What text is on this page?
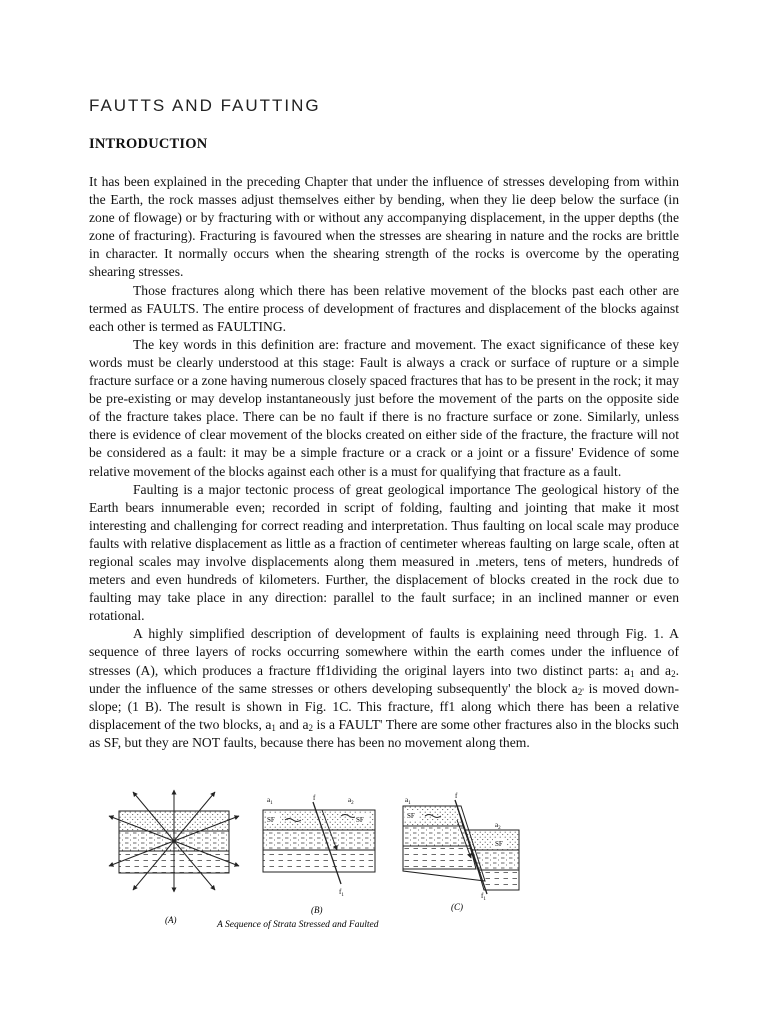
FAUTTS AND FAUTTING
INTRODUCTION

It has been explained in the preceding Chapter that under the influence of stresses developing from within the Earth, the rock masses adjust themselves either by bending, when they lie deep below the surface (in zone of flowage) or by fracturing with or without any accompanying displacement, in the upper depths (the zone of fracturing). Fracturing is favoured when the stresses are shearing in nature and the rocks are brittle in character. It normally occurs when the shearing strength of the rocks is overcome by the operating shearing stresses.

Those fractures along which there has been relative movement of the blocks past each other are termed as FAULTS. The entire process of development of fractures and displacement of the blocks against each other is termed as FAULTING.

The key words in this definition are: fracture and movement. The exact significance of these key words must be clearly understood at this stage: Fault is always a crack or surface of rupture or a simple fracture surface or a zone having numerous closely spaced fractures that has to be present in the rock; it may be pre-existing or may develop instantaneously just before the movement of the parts on the opposite side of the fracture takes place. There can be no fault if there is no fracture surface or zone. Similarly, unless there is evidence of clear movement of the blocks created on either side of the fracture, the fracture will not be considered as a fault: it may be a simple fracture or a crack or a joint or a fissure' Evidence of some relative movement of the blocks against each other is a must for qualifying that fracture as a fault.

Faulting is a major tectonic process of great geological importance The geological history of the Earth bears innumerable even; recorded in script of folding, faulting and jointing that make it most interesting and challenging for correct reading and interpretation. Thus faulting on local scale may produce faults with relative displacement as little as a fraction of centimeter whereas faulting on large scale, often at regional scales may involve displacements along them measured in .meters, tens of meters, hundreds of meters and even hundreds of kilometers. Further, the displacement of blocks created in the rock due to faulting may take place in any direction: parallel to the fault surface; in an inclined manner or even rotational.

A highly simplified description of development of faults is explaining need through Fig. 1. A sequence of three layers of rocks occurring somewhere within the earth comes under the influence of stresses (A), which produces a fracture ff1dividing the original layers into two distinct parts: $a_1$ and $a_2$. under the influence of the same stresses or others developing subsequently' the block $a_{2'}$ is moved down-slope; (1 B). The result is shown in Fig. 1C. This fracture, ff1 along which there has been a relative displacement of the two blocks, $a_1$ and $a_2$ is a FAULT' There are some other fractures also in the blocks such as SF, but they are NOT faults, because there has been no movement along them.

(A)
$a_1$
f	$a_2$
SF	SF
$f_1$
(B)
$a_1$
f
$a_2$
SF
SF
$f_1$
(C)
A Sequence of Strata Stressed and Faulted
